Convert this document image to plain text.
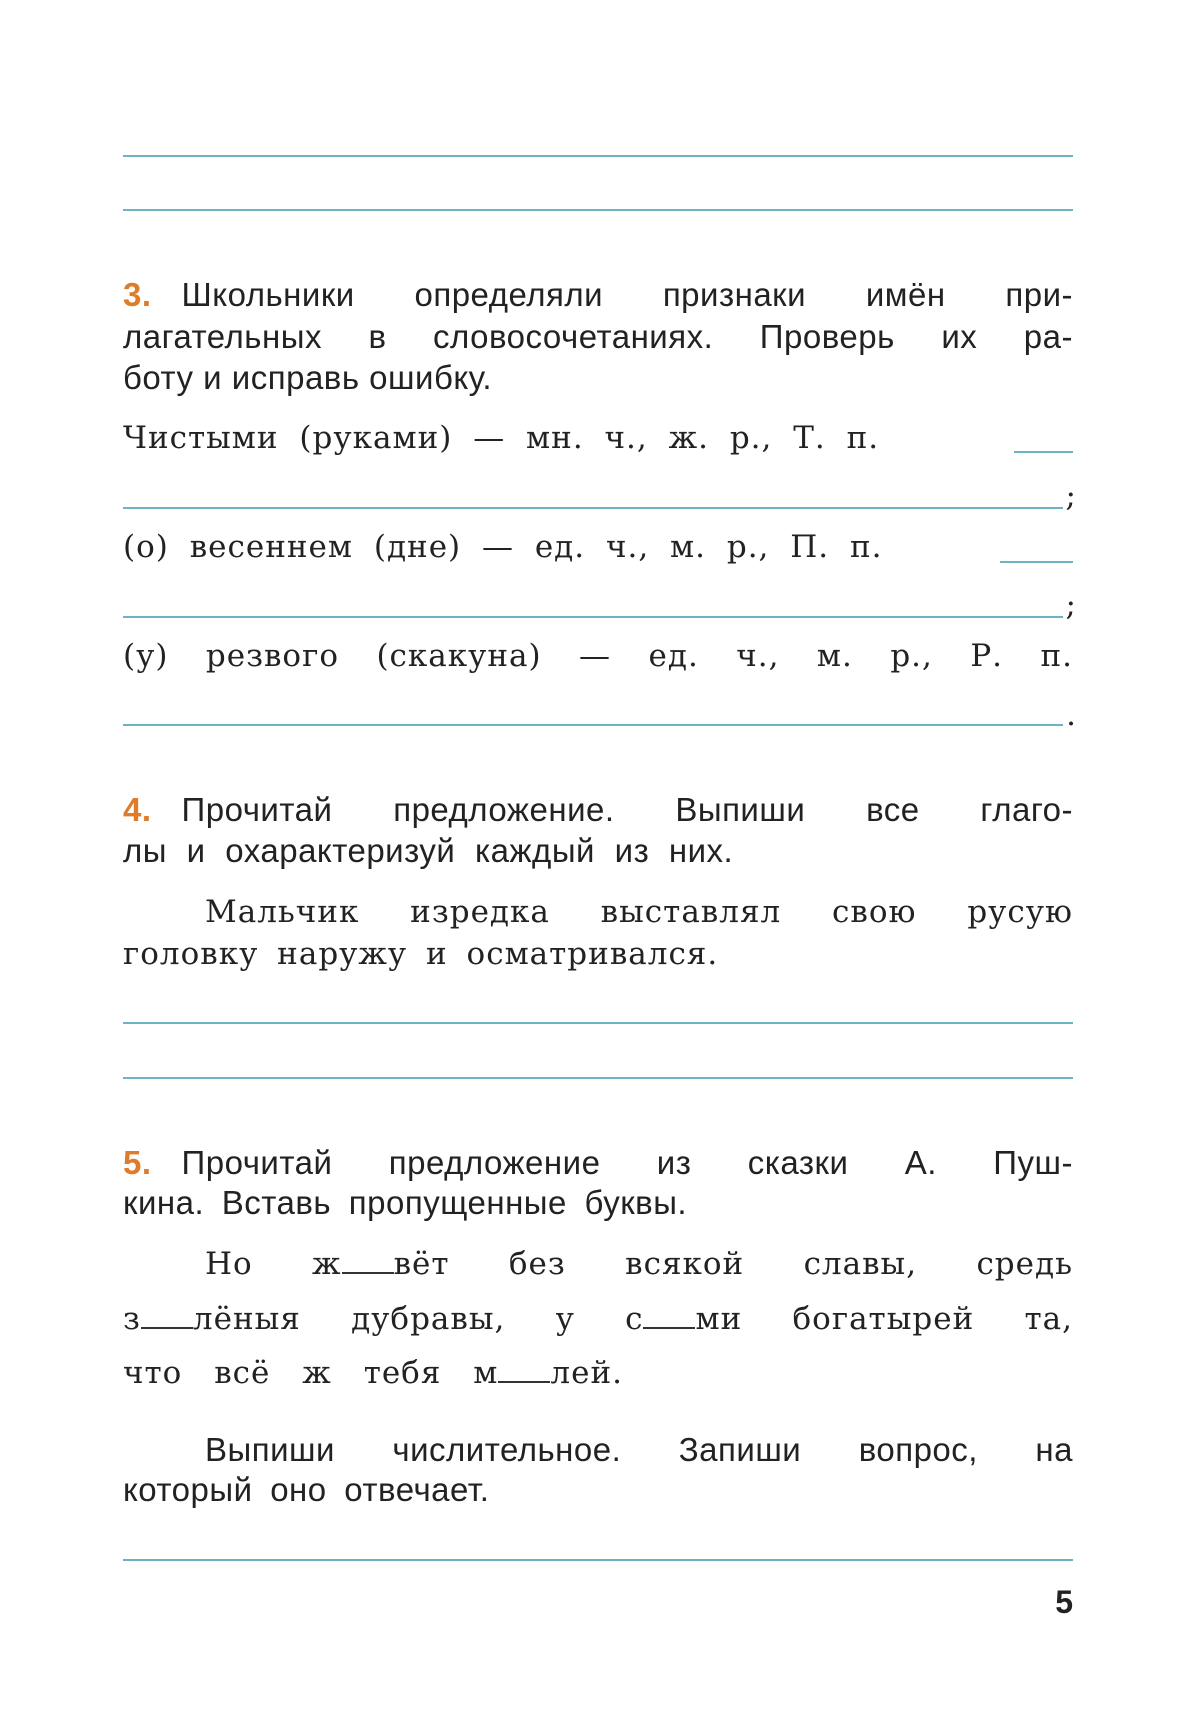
3. Школьники определяли признаки имён при-
лагательных в словосочетаниях. Проверь их ра-
боту и исправь ошибку.
Чистыми (руками) — мн. ч., ж. р., Т. п.
;
(о) весеннем (дне) — ед. ч., м. р., П. п.
;
(у) резвого (скакуна) — ед. ч., м. р., Р. п.
.
4. Прочитай предложение. Выпиши все глаго-
лы и охарактеризуй каждый из них.
Мальчик изредка выставлял свою русую
головку наружу и осматривался.
5. Прочитай предложение из сказки А. Пуш-
кина. Вставь пропущенные буквы.
Но ж вёт без всякой славы, средь
з лёныя дубравы, у с ми богатырей та,
что всё ж тебя м лей.
Выпиши числительное. Запиши вопрос, на
который оно отвечает.
5
